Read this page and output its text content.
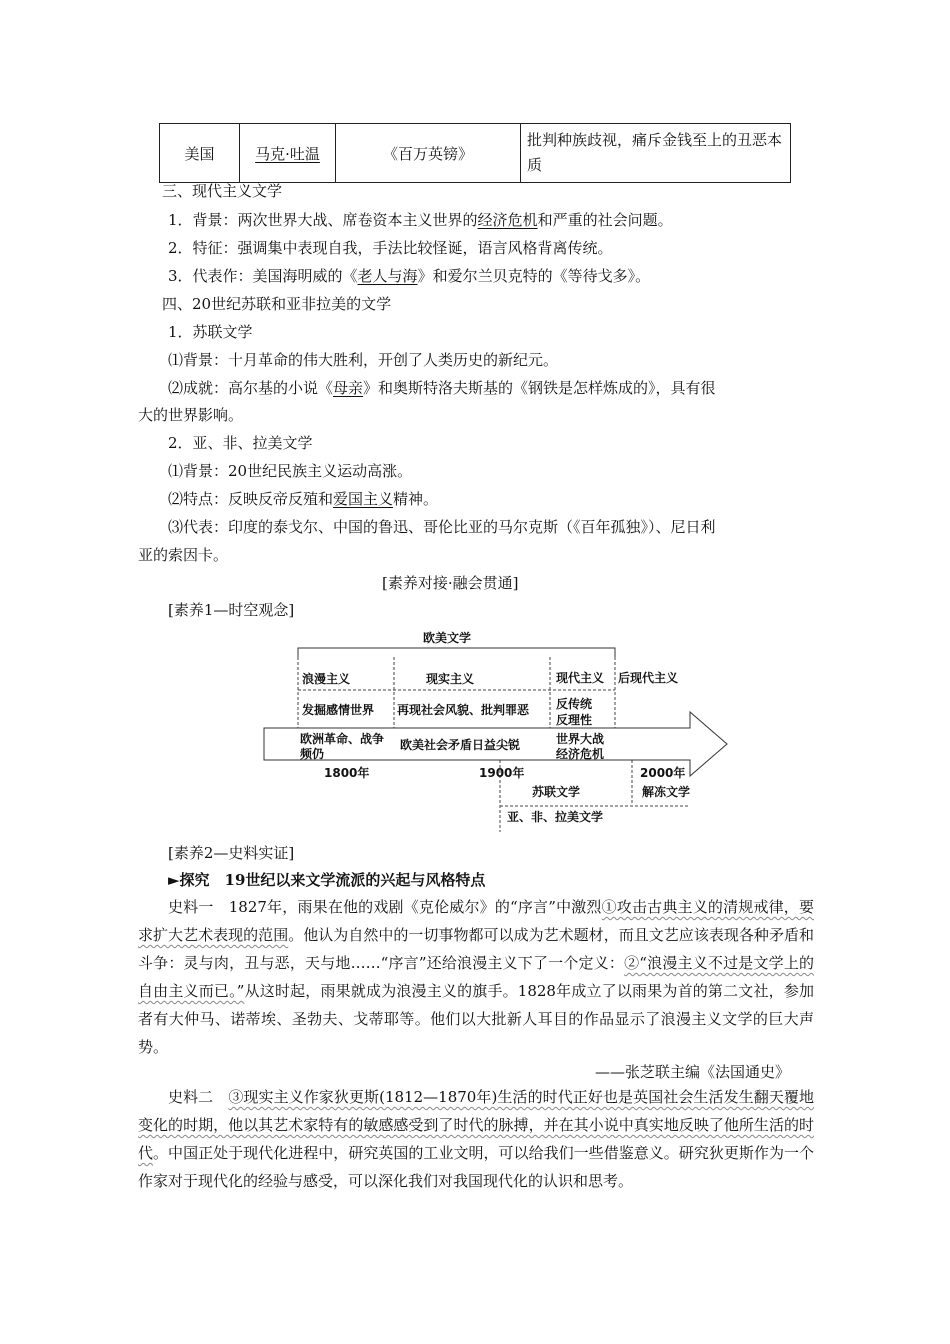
美国	马克·吐温	《百万英镑》	批判种族歧视，痛斥金钱至上的丑恶本质
三、现代主义文学
1．背景：两次世界大战、席卷资本主义世界的经济危机和严重的社会问题。
2．特征：强调集中表现自我，手法比较怪诞，语言风格背离传统。
3．代表作：美国海明威的《老人与海》和爱尔兰贝克特的《等待戈多》。
四、20世纪苏联和亚非拉美的文学
1．苏联文学
⑴背景：十月革命的伟大胜利，开创了人类历史的新纪元。
⑵成就：高尔基的小说《母亲》和奥斯特洛夫斯基的《钢铁是怎样炼成的》，具有很
大的世界影响。
2．亚、非、拉美文学
⑴背景：20世纪民族主义运动高涨。
⑵特点：反映反帝反殖和爱国主义精神。
⑶代表：印度的泰戈尔、中国的鲁迅、哥伦比亚的马尔克斯（《百年孤独》）、尼日利
亚的索因卡。
[素养对接·融会贯通]
[素养1—时空观念]
欧美文学
浪漫主义	现实主义	现代主义 后现代主义
发掘感情世界 再现社会风貌、批判罪恶 反传统
反理性
欧洲革命、战争
频仍
欧美社会矛盾日益尖锐	世界大战
经济危机
1800年	1900年	2000年
苏联文学	解冻文学
亚、非、拉美文学
[素养2—史料实证]
►探究　19世纪以来文学流派的兴起与风格特点
史料一　1827年，雨果在他的戏剧《克伦威尔》的“序言”中激烈①攻击古典主义的清规戒律，要求扩大艺术表现的范围。他认为自然中的一切事物都可以成为艺术题材，而且文艺应该表现各种矛盾和斗争：灵与肉，丑与恶，天与地……“序言”还给浪漫主义下了一个定义：②“浪漫主义不过是文学上的自由主义而已。”从这时起，雨果就成为浪漫主义的旗手。1828年成立了以雨果为首的第二文社，参加者有大仲马、诺蒂埃、圣勃夫、戈蒂耶等。他们以大批新人耳目的作品显示了浪漫主义文学的巨大声势。
——张芝联主编《法国通史》
史料二　③现实主义作家狄更斯(1812—1870年)生活的时代正好也是英国社会生活发生翻天覆地变化的时期，他以其艺术家特有的敏感感受到了时代的脉搏，并在其小说中真实地反映了他所生活的时代。中国正处于现代化进程中，研究英国的工业文明，可以给我们一些借鉴意义。研究狄更斯作为一个作家对于现代化的经验与感受，可以深化我们对我国现代化的认识和思考。
